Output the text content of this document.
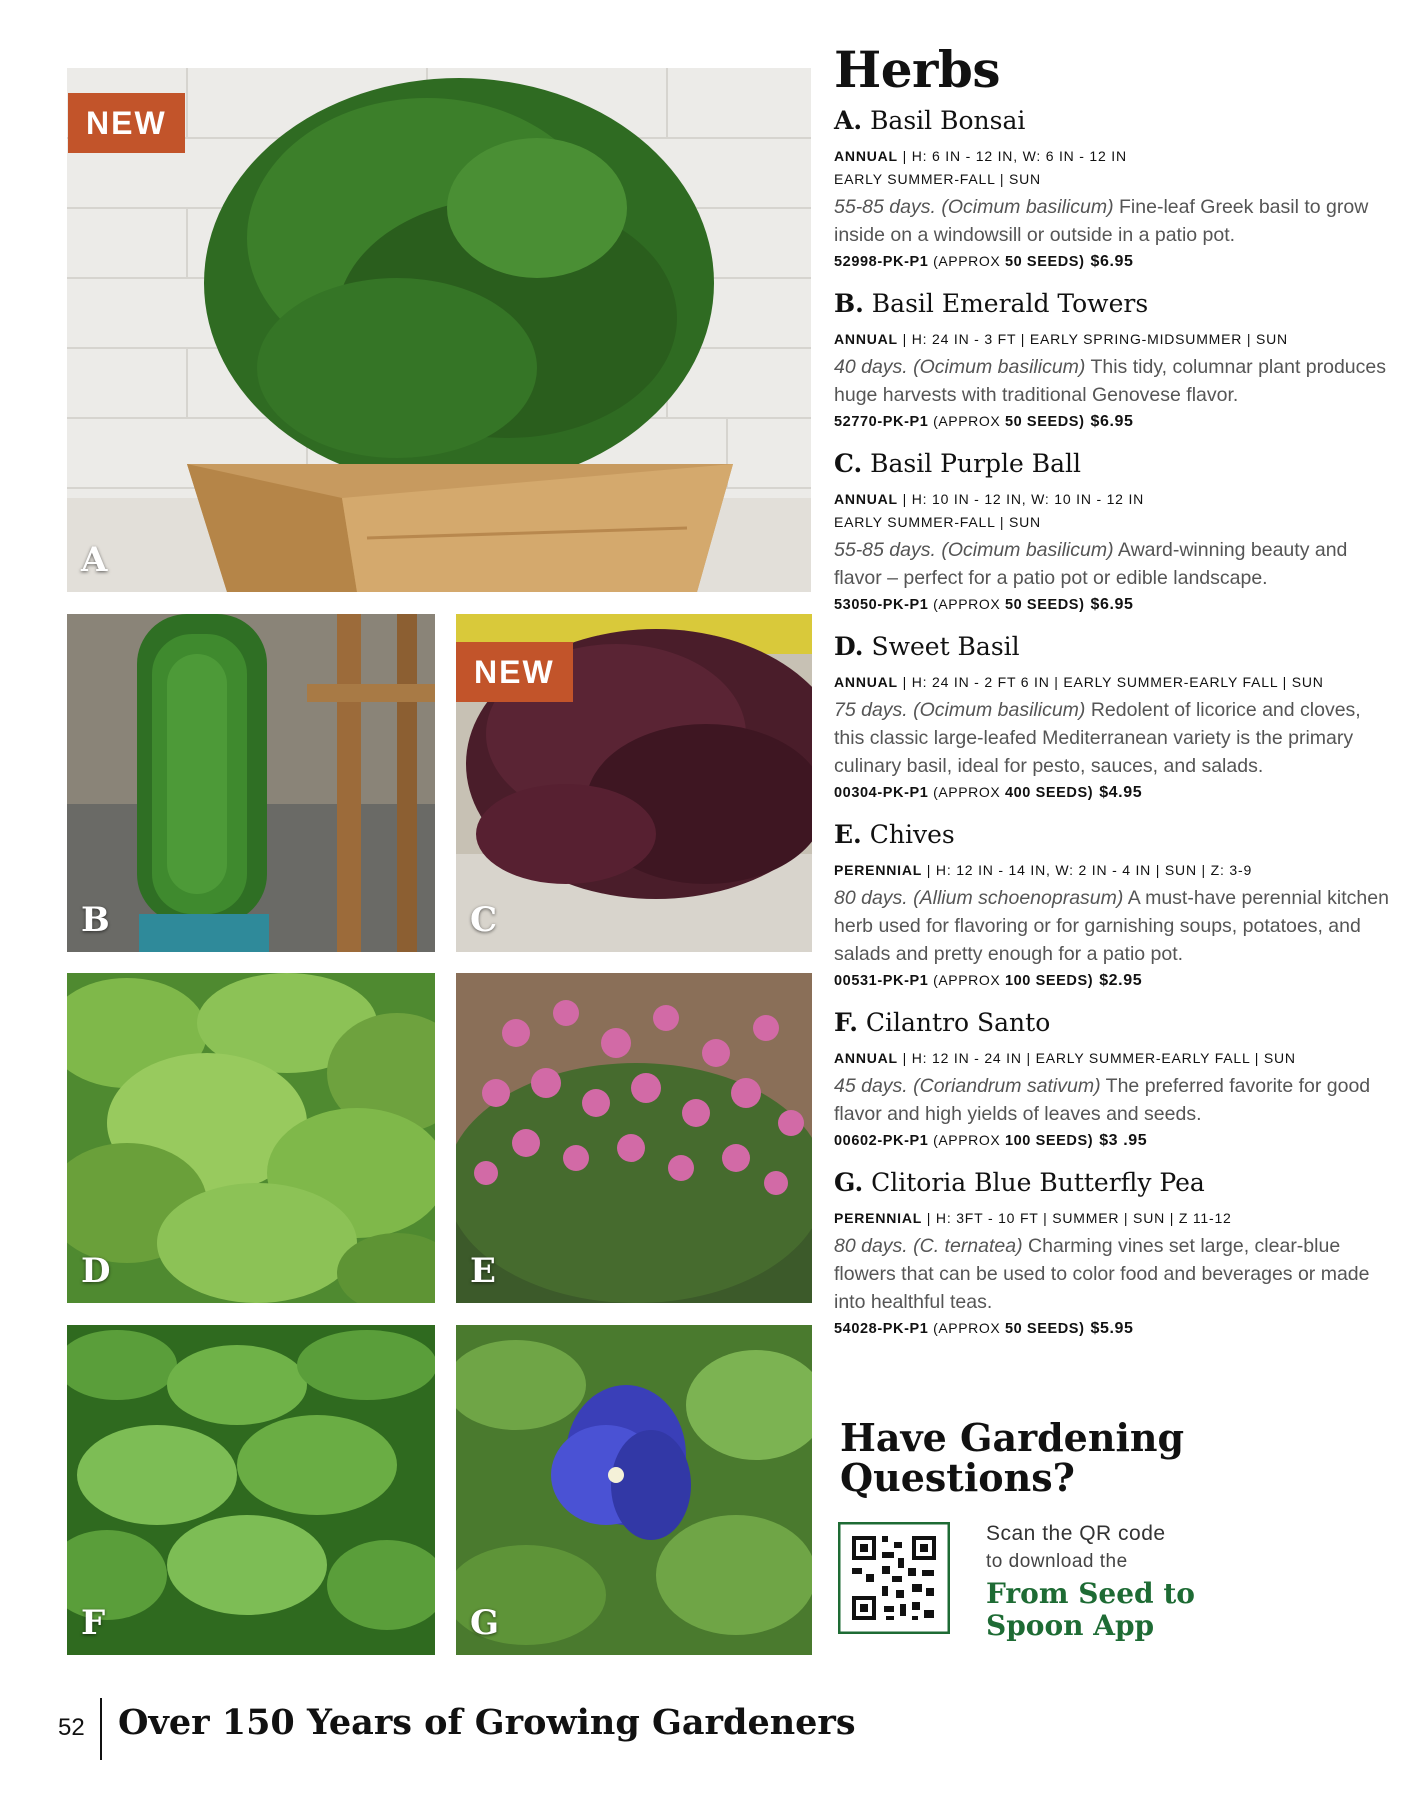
NEW
A
B
NEW
C
D	E
F	G
Herbs
A. Basil Bonsai
ANNUAL | H: 6 IN - 12 IN, W: 6 IN - 12 IN
EARLY SUMMER-FALL | SUN
55-85 days. (Ocimum basilicum) Fine-leaf Greek basil to grow inside on a windowsill or outside in a patio pot.
52998-PK-P1 (APPROX 50 SEEDS) $6.95
B. Basil Emerald Towers
ANNUAL | H: 24 IN - 3 FT | EARLY SPRING-MIDSUMMER | SUN
40 days. (Ocimum basilicum) This tidy, columnar plant produces huge harvests with traditional Genovese flavor.
52770-PK-P1 (APPROX 50 SEEDS) $6.95
C. Basil Purple Ball
ANNUAL | H: 10 IN - 12 IN, W: 10 IN - 12 IN
EARLY SUMMER-FALL | SUN
55-85 days. (Ocimum basilicum) Award-winning beauty and flavor – perfect for a patio pot or edible landscape.
53050-PK-P1 (APPROX 50 SEEDS) $6.95
D. Sweet Basil
ANNUAL | H: 24 IN - 2 FT 6 IN | EARLY SUMMER-EARLY FALL | SUN
75 days. (Ocimum basilicum) Redolent of licorice and cloves, this classic large-leafed Mediterranean variety is the primary culinary basil, ideal for pesto, sauces, and salads.
00304-PK-P1 (APPROX 400 SEEDS) $4.95
E. Chives
PERENNIAL | H: 12 IN - 14 IN, W: 2 IN - 4 IN | SUN | Z: 3-9
80 days. (Allium schoenoprasum) A must-have perennial kitchen herb used for flavoring or for garnishing soups, potatoes, and salads and pretty enough for a patio pot.
00531-PK-P1 (APPROX 100 SEEDS) $2.95
F. Cilantro Santo
ANNUAL | H: 12 IN - 24 IN | EARLY SUMMER-EARLY FALL | SUN
45 days. (Coriandrum sativum) The preferred favorite for good flavor and high yields of leaves and seeds.
00602-PK-P1 (APPROX 100 SEEDS) $3 .95
G. Clitoria Blue Butterfly Pea
PERENNIAL | H: 3FT - 10 FT | SUMMER | SUN | Z 11-12
80 days. (C. ternatea) Charming vines set large, clear-blue flowers that can be used to color food and beverages or made into healthful teas.
54028-PK-P1 (APPROX 50 SEEDS) $5.95

Have Gardening

Questions?

Scan the QR code
to download the
From Seed to
Spoon App
52 Over 150 Years of Growing Gardeners
